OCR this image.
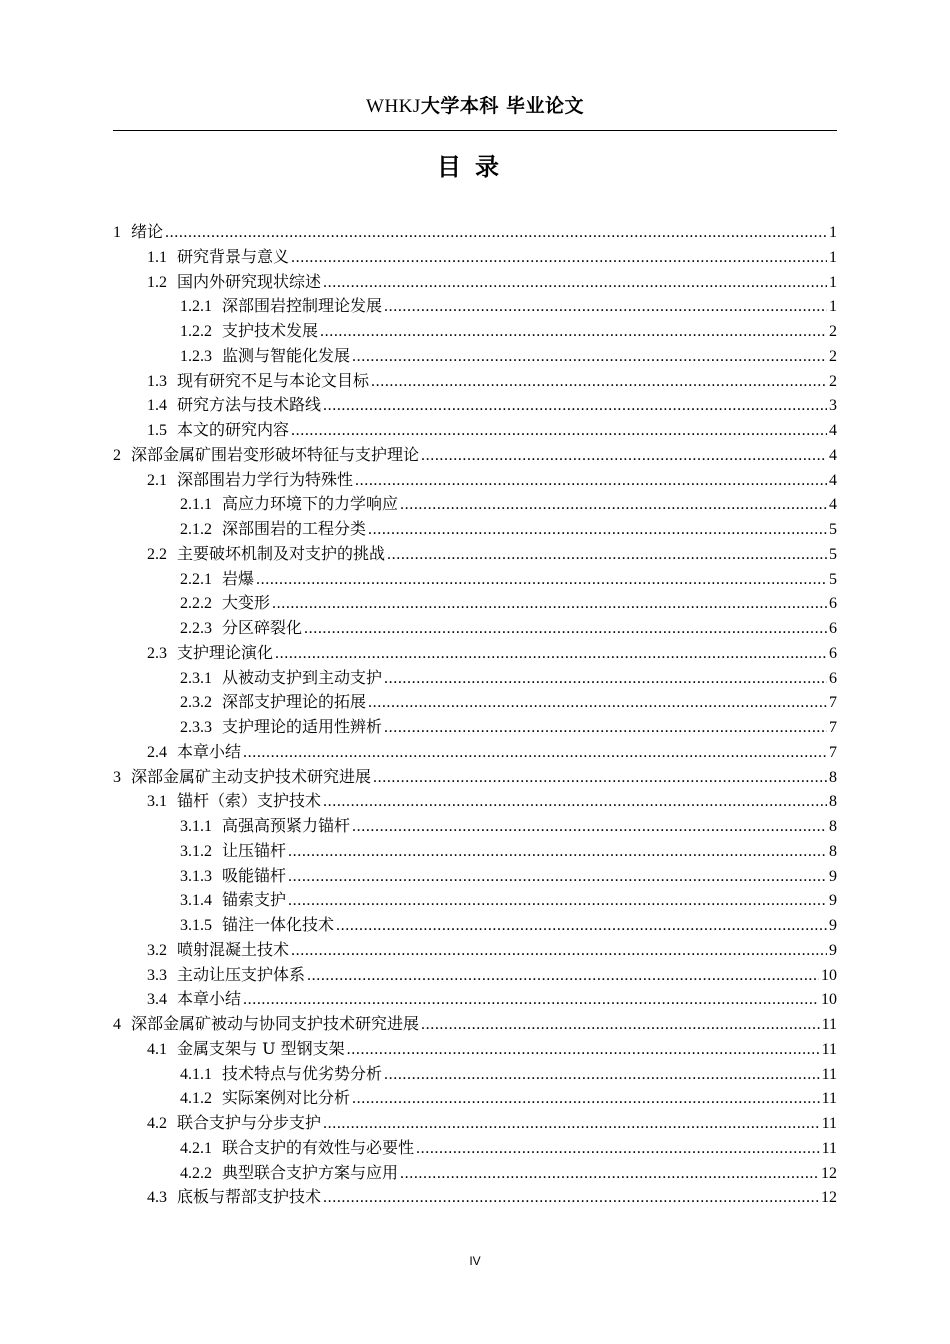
WHKJ大学本科 毕业论文
目录
1 绪论 .....	1
1.1 研究背景与意义 .....	1
1.2 国内外研究现状综述 .....	1
1.2.1 深部围岩控制理论发展 .....	1
1.2.2 支护技术发展 .....	2
1.2.3 监测与智能化发展 .....	2
1.3 现有研究不足与本论文目标 .....	2
1.4 研究方法与技术路线 .....	3
1.5 本文的研究内容 .....	4
2 深部金属矿围岩变形破坏特征与支护理论 .....	4
2.1 深部围岩力学行为特殊性 .....	4
2.1.1 高应力环境下的力学响应 .....	4
2.1.2 深部围岩的工程分类 .....	5
2.2 主要破坏机制及对支护的挑战 .....	5
2.2.1 岩爆 .....	5
2.2.2 大变形 .....	6
2.2.3 分区碎裂化 .....	6
2.3 支护理论演化 .....	6
2.3.1 从被动支护到主动支护 .....	6
2.3.2 深部支护理论的拓展 .....	7
2.3.3 支护理论的适用性辨析 .....	7
2.4 本章小结 .....	7
3 深部金属矿主动支护技术研究进展 .....	8
3.1 锚杆（索）支护技术 .....	8
3.1.1 高强高预紧力锚杆 .....	8
3.1.2 让压锚杆 .....	8
3.1.3 吸能锚杆 .....	9
3.1.4 锚索支护 .....	9
3.1.5 锚注一体化技术 .....	9
3.2 喷射混凝土技术 .....	9
3.3 主动让压支护体系 .....	10
3.4 本章小结 .....	10
4 深部金属矿被动与协同支护技术研究进展 .....	11
4.1 金属支架与 U 型钢支架 .....	11
4.1.1 技术特点与优劣势分析 .....	11
4.1.2 实际案例对比分析 .....	11
4.2 联合支护与分步支护 .....	11
4.2.1 联合支护的有效性与必要性 .....	11
4.2.2 典型联合支护方案与应用 .....	12
4.3 底板与帮部支护技术 .....	12
IV
